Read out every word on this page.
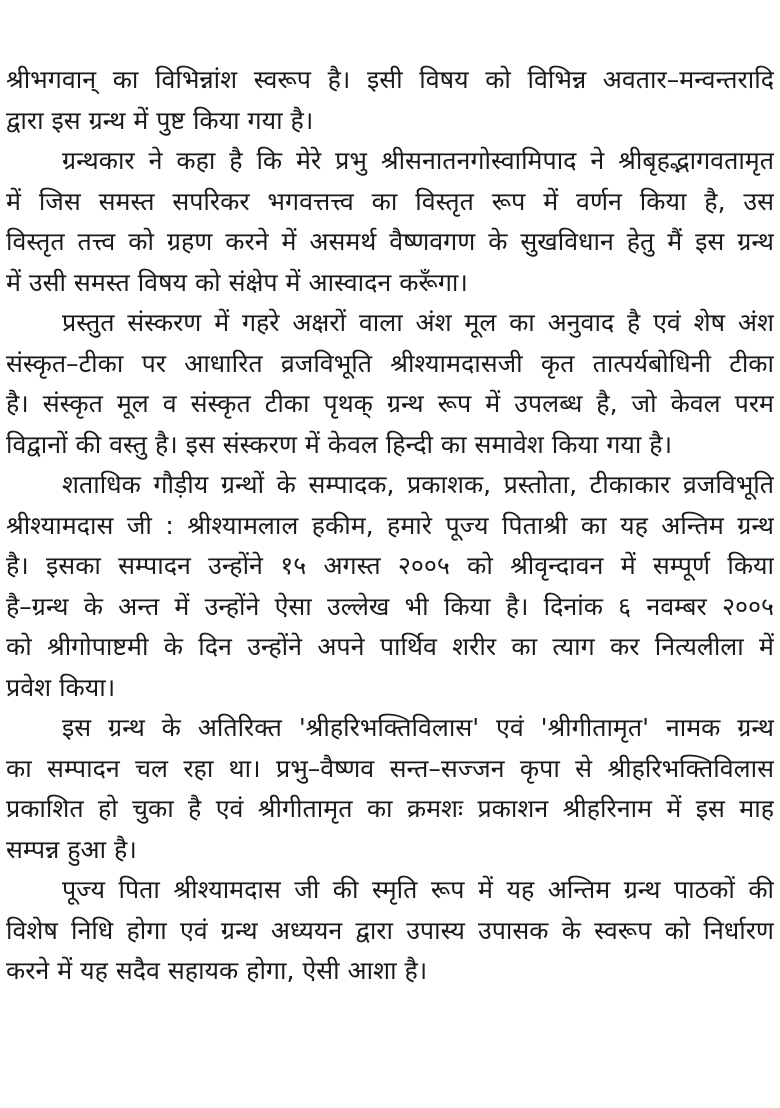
श्रीभगवान् का विभिन्नांश स्वरूप है। इसी विषय को विभिन्न अवतार–मन्वन्तरादि
द्वारा इस ग्रन्थ में पुष्ट किया गया है।
ग्रन्थकार ने कहा है कि मेरे प्रभु श्रीसनातनगोस्वामिपाद ने श्रीबृहद्भागवतामृत
में जिस समस्त सपरिकर भगवत्तत्त्व का विस्तृत रूप में वर्णन किया है, उस
विस्तृत तत्त्व को ग्रहण करने में असमर्थ वैष्णवगण के सुखविधान हेतु मैं इस ग्रन्थ
में उसी समस्त विषय को संक्षेप में आस्वादन करूँगा।
प्रस्तुत संस्करण में गहरे अक्षरों वाला अंश मूल का अनुवाद है एवं शेष अंश
संस्कृत–टीका पर आधारित व्रजविभूति श्रीश्यामदासजी कृत तात्पर्यबोधिनी टीका
है। संस्कृत मूल व संस्कृत टीका पृथक् ग्रन्थ रूप में उपलब्ध है, जो केवल परम
विद्वानों की वस्तु है। इस संस्करण में केवल हिन्दी का समावेश किया गया है।
शताधिक गौड़ीय ग्रन्थों के सम्पादक, प्रकाशक, प्रस्तोता, टीकाकार व्रजविभूति
श्रीश्यामदास जी : श्रीश्यामलाल हकीम, हमारे पूज्य पिताश्री का यह अन्तिम ग्रन्थ
है। इसका सम्पादन उन्होंने १५ अगस्त २००५ को श्रीवृन्दावन में सम्पूर्ण किया
है–ग्रन्थ के अन्त में उन्होंने ऐसा उल्लेख भी किया है। दिनांक ६ नवम्बर २००५
को श्रीगोपाष्टमी के दिन उन्होंने अपने पार्थिव शरीर का त्याग कर नित्यलीला में
प्रवेश किया।
इस ग्रन्थ के अतिरिक्त 'श्रीहरिभक्तिविलास' एवं 'श्रीगीतामृत' नामक ग्रन्थ
का सम्पादन चल रहा था। प्रभु–वैष्णव सन्त–सज्जन कृपा से श्रीहरिभक्तिविलास
प्रकाशित हो चुका है एवं श्रीगीतामृत का क्रमशः प्रकाशन श्रीहरिनाम में इस माह
सम्पन्न हुआ है।
पूज्य पिता श्रीश्यामदास जी की स्मृति रूप में यह अन्तिम ग्रन्थ पाठकों की
विशेष निधि होगा एवं ग्रन्थ अध्ययन द्वारा उपास्य उपासक के स्वरूप को निर्धारण
करने में यह सदैव सहायक होगा, ऐसी आशा है।
